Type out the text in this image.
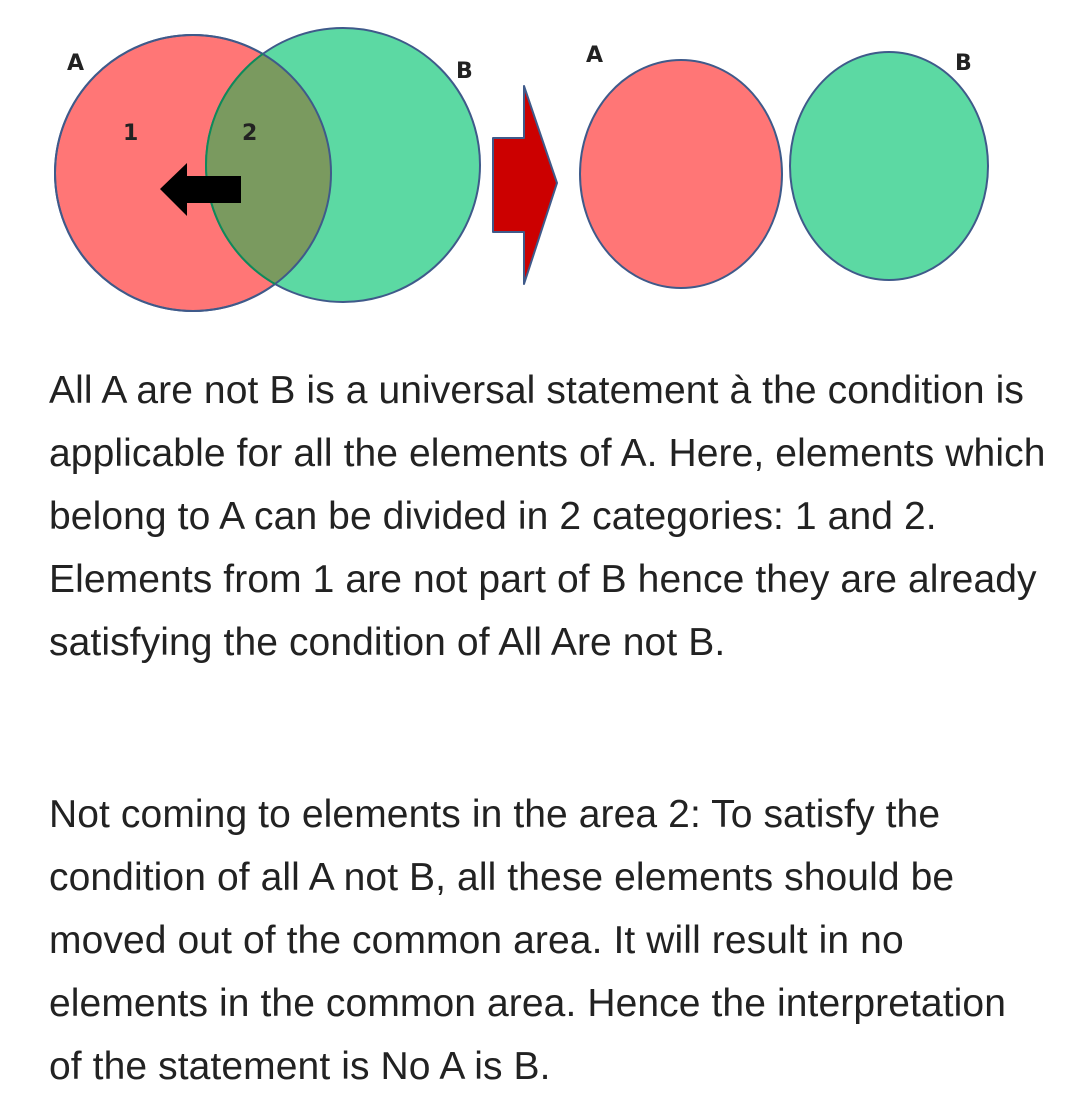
A	B
1	2
A	B

All A are not B is a universal statement à the condition is applicable for all the elements of A. Here, elements which belong to A can be divided in 2 categories: 1 and 2. Elements from 1 are not part of B hence they are already satisfying the condition of All Are not B.

Not coming to elements in the area 2: To satisfy the condition of all A not B, all these elements should be moved out of the common area. It will result in no elements in the common area. Hence the interpretation of the statement is No A is B.
